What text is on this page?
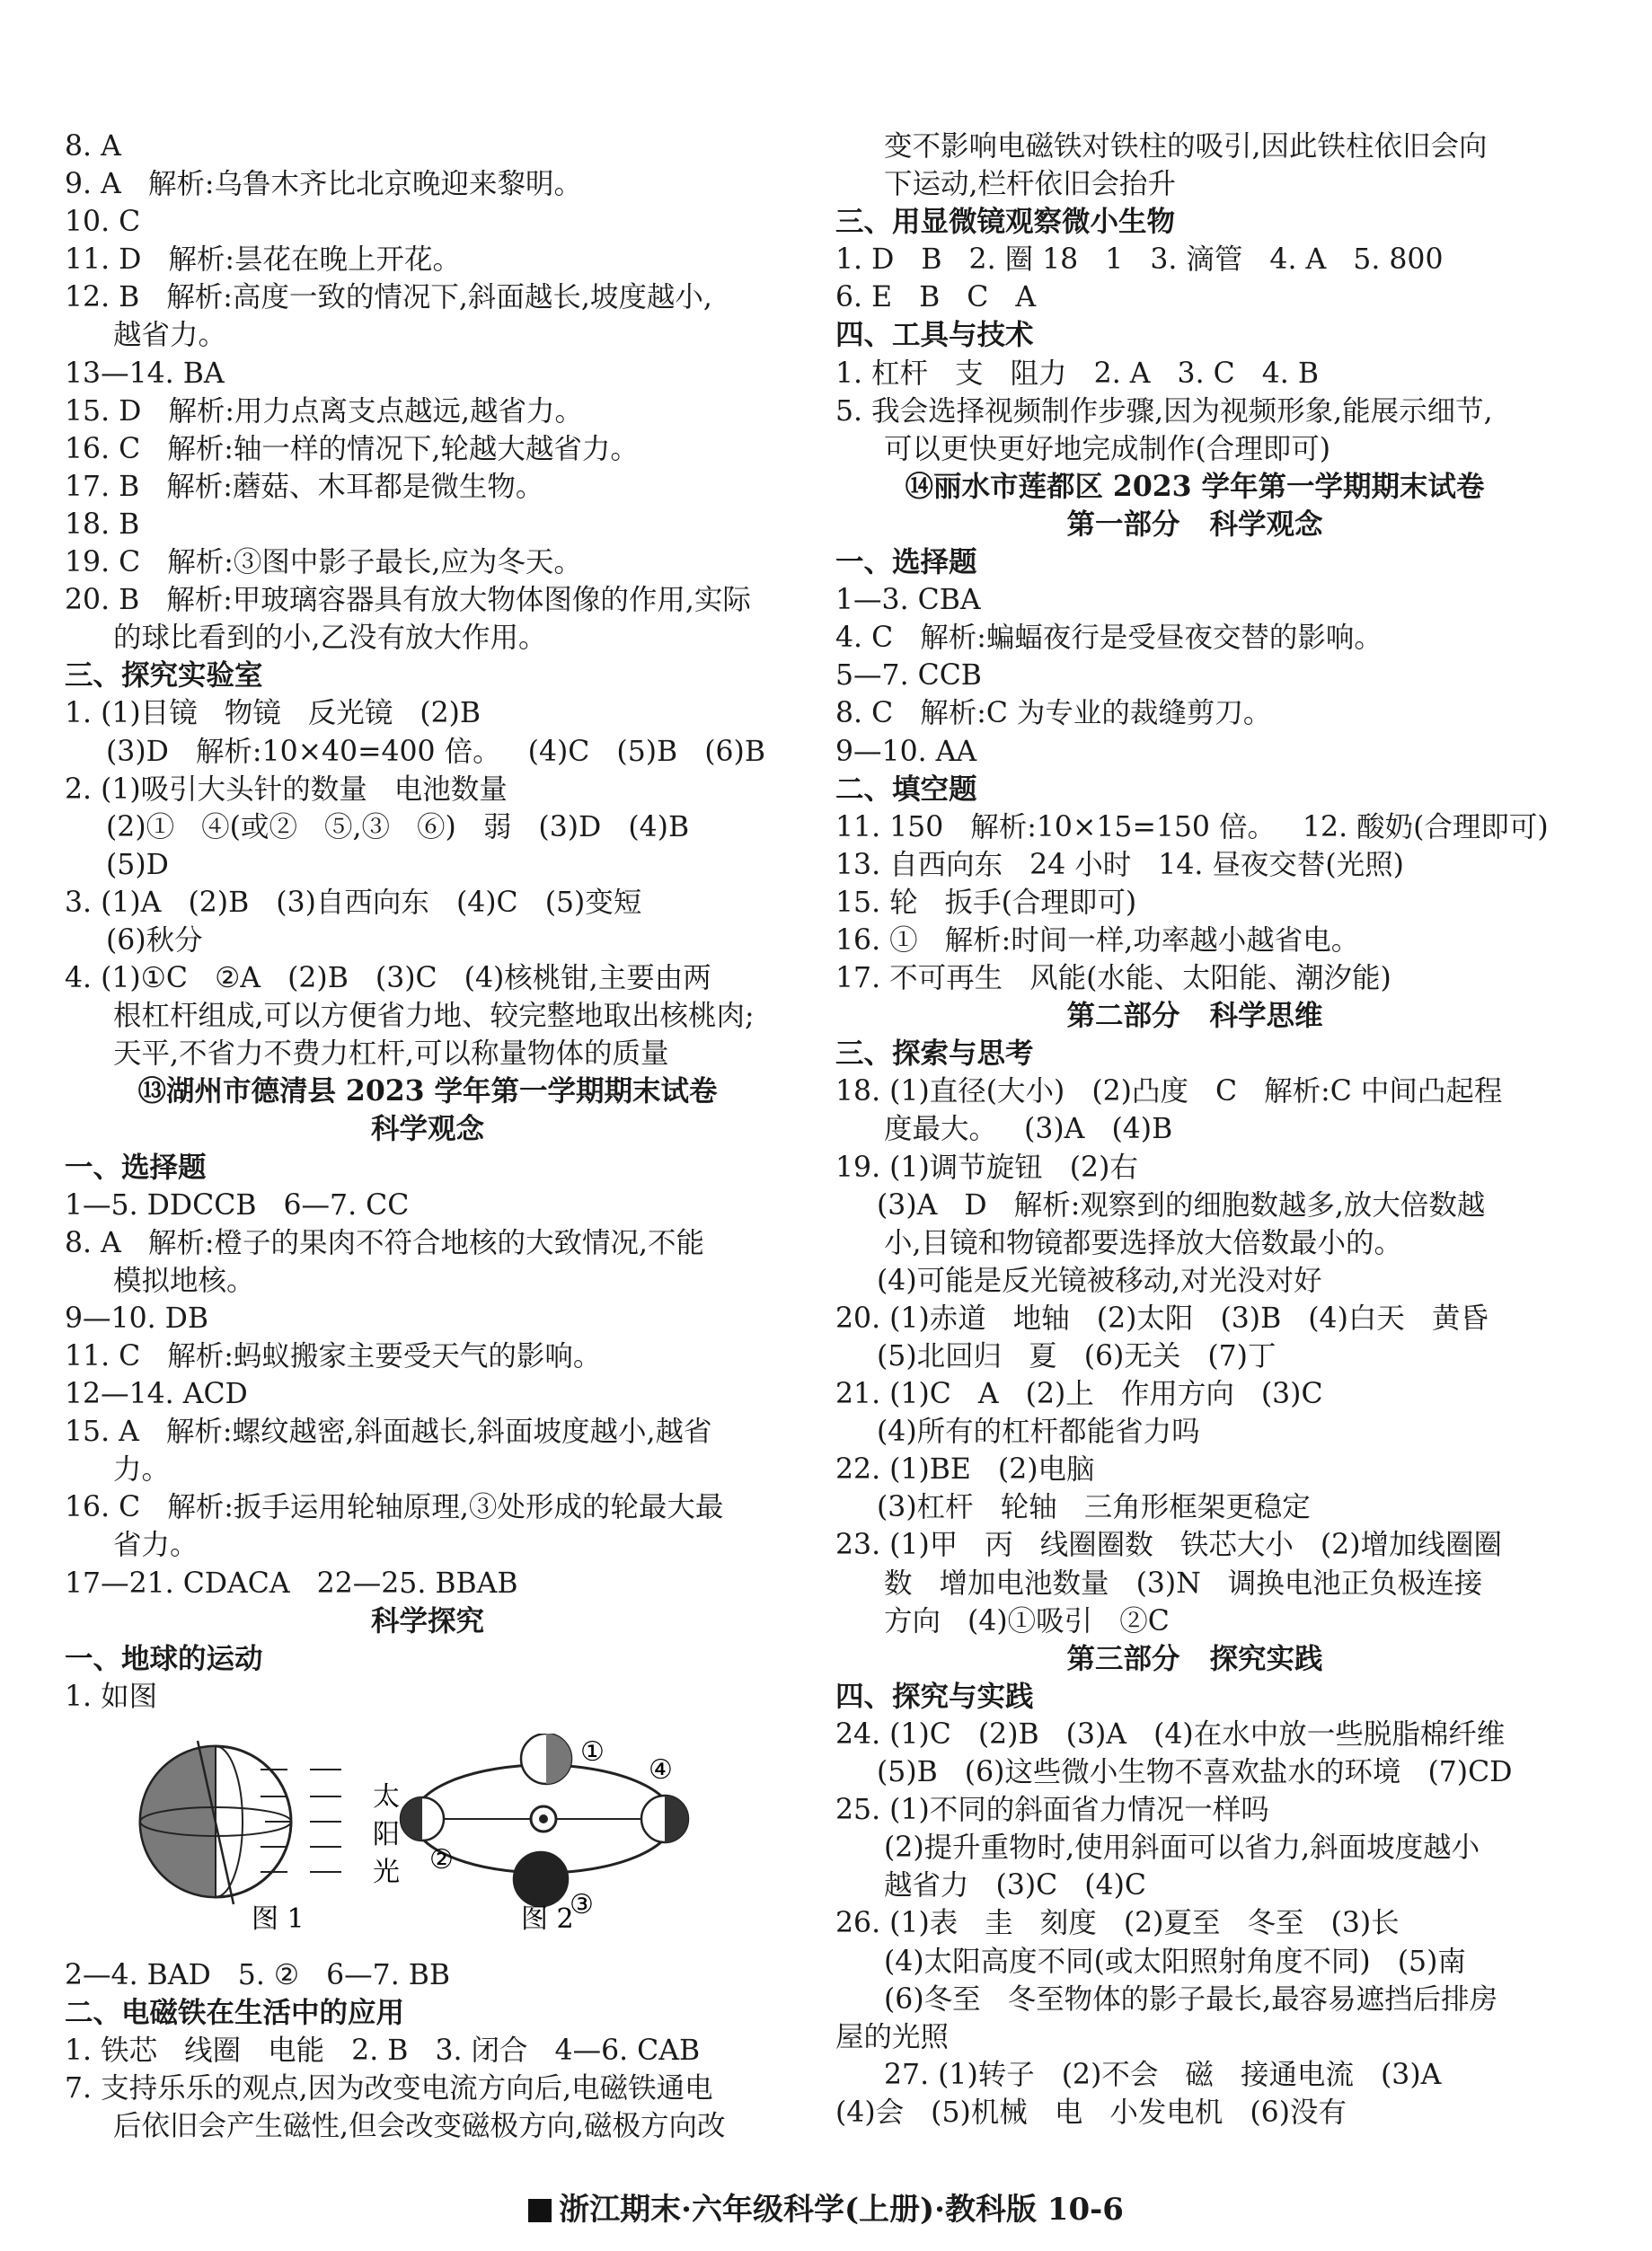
8. A
9. A   解析:乌鲁木齐比北京晚迎来黎明。
10. C
11. D   解析:昙花在晚上开花。
12. B   解析:高度一致的情况下,斜面越长,坡度越小,
越省力。
13—14. BA
15. D   解析:用力点离支点越远,越省力。
16. C   解析:轴一样的情况下,轮越大越省力。
17. B   解析:蘑菇、木耳都是微生物。
18. B
19. C   解析:③图中影子最长,应为冬天。
20. B   解析:甲玻璃容器具有放大物体图像的作用,实际
的球比看到的小,乙没有放大作用。
三、探究实验室
1. (1)目镜   物镜   反光镜   (2)B
(3)D   解析:10×40=400 倍。   (4)C   (5)B   (6)B
2. (1)吸引大头针的数量   电池数量
(2)①   ④(或②   ⑤,③   ⑥)   弱   (3)D   (4)B
(5)D
3. (1)A   (2)B   (3)自西向东   (4)C   (5)变短
(6)秋分
4. (1)①C   ②A   (2)B   (3)C   (4)核桃钳,主要由两
根杠杆组成,可以方便省力地、较完整地取出核桃肉;
天平,不省力不费力杠杆,可以称量物体的质量
⑬湖州市德清县 2023 学年第一学期期末试卷
科学观念
一、选择题
1—5. DDCCB   6—7. CC
8. A   解析:橙子的果肉不符合地核的大致情况,不能
模拟地核。
9—10. DB
11. C   解析:蚂蚁搬家主要受天气的影响。
12—14. ACD
15. A   解析:螺纹越密,斜面越长,斜面坡度越小,越省
力。
16. C   解析:扳手运用轮轴原理,③处形成的轮最大最
省力。
17—21. CDACA   22—25. BBAB
科学探究
一、地球的运动
1. 如图
太
阳
光
①
②
③
④
图 1	图 2
2—4. BAD   5. ②   6—7. BB
二、电磁铁在生活中的应用
1. 铁芯   线圈   电能   2. B   3. 闭合   4—6. CAB
7. 支持乐乐的观点,因为改变电流方向后,电磁铁通电
后依旧会产生磁性,但会改变磁极方向,磁极方向改
变不影响电磁铁对铁柱的吸引,因此铁柱依旧会向
下运动,栏杆依旧会抬升
三、用显微镜观察微小生物
1. D   B   2. 圈 18   1   3. 滴管   4. A   5. 800
6. E   B   C   A
四、工具与技术
1. 杠杆   支   阻力   2. A   3. C   4. B
5. 我会选择视频制作步骤,因为视频形象,能展示细节,
可以更快更好地完成制作(合理即可)
⑭丽水市莲都区 2023 学年第一学期期末试卷
第一部分   科学观念
一、选择题
1—3. CBA
4. C   解析:蝙蝠夜行是受昼夜交替的影响。
5—7. CCB
8. C   解析:C 为专业的裁缝剪刀。
9—10. AA
二、填空题
11. 150   解析:10×15=150 倍。   12. 酸奶(合理即可)
13. 自西向东   24 小时   14. 昼夜交替(光照)
15. 轮   扳手(合理即可)
16. ①   解析:时间一样,功率越小越省电。
17. 不可再生   风能(水能、太阳能、潮汐能)
第二部分   科学思维
三、探索与思考
18. (1)直径(大小)   (2)凸度   C   解析:C 中间凸起程
度最大。   (3)A   (4)B
19. (1)调节旋钮   (2)右
(3)A   D   解析:观察到的细胞数越多,放大倍数越
小,目镜和物镜都要选择放大倍数最小的。
(4)可能是反光镜被移动,对光没对好
20. (1)赤道   地轴   (2)太阳   (3)B   (4)白天   黄昏
(5)北回归   夏   (6)无关   (7)丁
21. (1)C   A   (2)上   作用方向   (3)C
(4)所有的杠杆都能省力吗
22. (1)BE   (2)电脑
(3)杠杆   轮轴   三角形框架更稳定
23. (1)甲   丙   线圈圈数   铁芯大小   (2)增加线圈圈
数   增加电池数量   (3)N   调换电池正负极连接
方向   (4)①吸引   ②C
第三部分   探究实践
四、探究与实践
24. (1)C   (2)B   (3)A   (4)在水中放一些脱脂棉纤维
(5)B   (6)这些微小生物不喜欢盐水的环境   (7)CD
25. (1)不同的斜面省力情况一样吗
(2)提升重物时,使用斜面可以省力,斜面坡度越小
越省力   (3)C   (4)C
26. (1)表   圭   刻度   (2)夏至   冬至   (3)长
(4)太阳高度不同(或太阳照射角度不同)   (5)南
(6)冬至   冬至物体的影子最长,最容易遮挡后排房
屋的光照
27. (1)转子   (2)不会   磁   接通电流   (3)A
(4)会   (5)机械   电   小发电机   (6)没有
浙江期末·六年级科学(上册)·教科版 10-6
